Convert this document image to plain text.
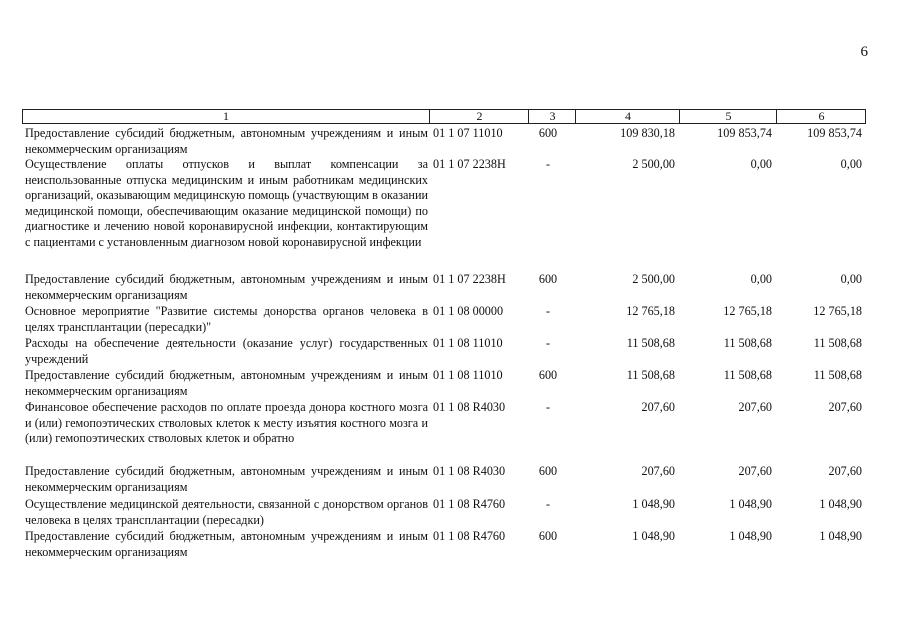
6
1	2	3	4	5	6
Предоставление субсидий бюджетным, автономным учреждениям и иным некоммерческим организациям
01 1 07 11010	600	109 830,18	109 853,74	109 853,74
Осуществление оплаты отпусков и выплат компенсации за неиспользованные отпуска медицинским и иным работникам медицинских организаций, оказывающим медицинскую помощь (участвующим в оказании медицинской помощи, обеспечивающим оказание медицинской помощи) по диагностике и лечению новой коронавирусной инфекции, контактирующим с пациентами с установленным диагнозом новой коронавирусной инфекции
01 1 07 2238Н	-	2 500,00	0,00	0,00
Предоставление субсидий бюджетным, автономным учреждениям и иным некоммерческим организациям
01 1 07 2238Н	600	2 500,00	0,00	0,00
Основное мероприятие "Развитие системы донорства органов человека в целях трансплантации (пересадки)"
01 1 08 00000	-	12 765,18	12 765,18	12 765,18
Расходы на обеспечение деятельности (оказание услуг) государственных учреждений
01 1 08 11010	-	11 508,68	11 508,68	11 508,68
Предоставление субсидий бюджетным, автономным учреждениям и иным некоммерческим организациям
01 1 08 11010	600	11 508,68	11 508,68	11 508,68
Финансовое обеспечение расходов по оплате проезда донора костного мозга и (или) гемопоэтических стволовых клеток к месту изъятия костного мозга и (или) гемопоэтических стволовых клеток и обратно
01 1 08 R4030	-	207,60	207,60	207,60
Предоставление субсидий бюджетным, автономным учреждениям и иным некоммерческим организациям
01 1 08 R4030	600	207,60	207,60	207,60
Осуществление медицинской деятельности, связанной с донорством органов человека в целях трансплантации (пересадки)
01 1 08 R4760	-	1 048,90	1 048,90	1 048,90
Предоставление субсидий бюджетным, автономным учреждениям и иным некоммерческим организациям
01 1 08 R4760	600	1 048,90	1 048,90	1 048,90
